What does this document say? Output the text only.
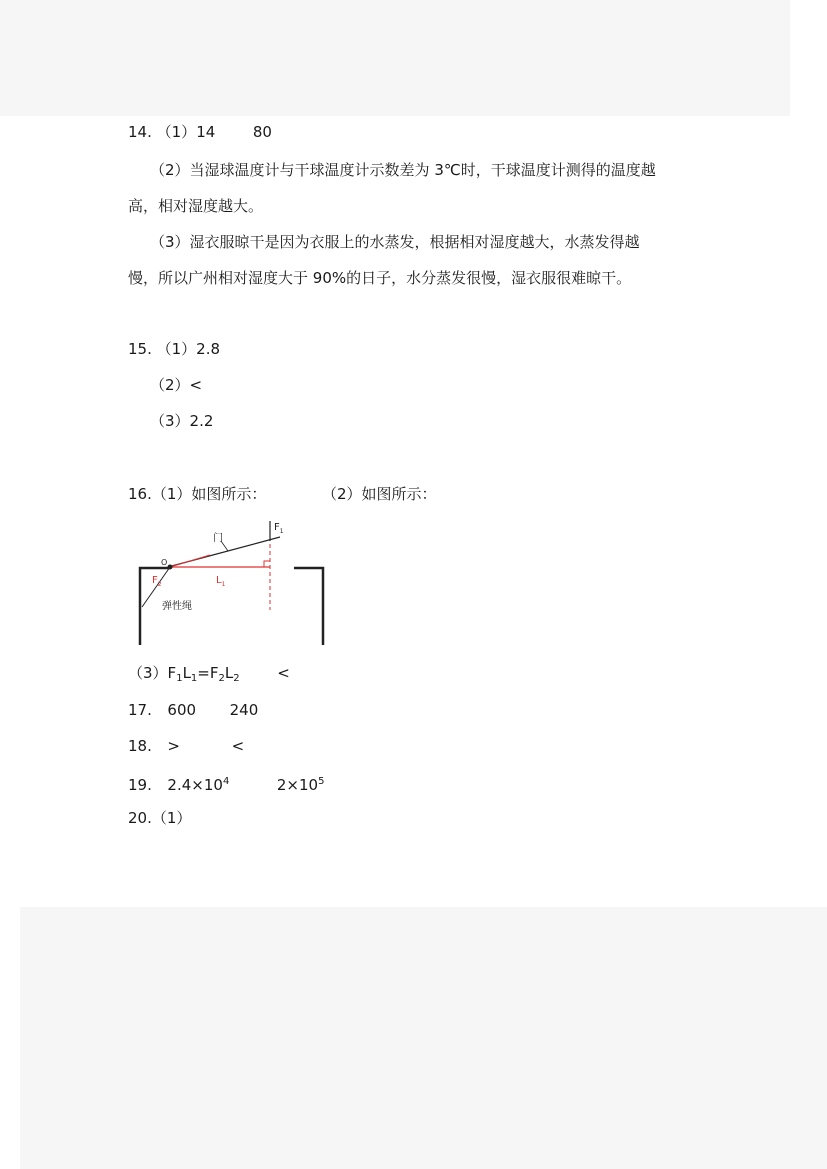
14. （1）14	80
（2）当湿球温度计与干球温度计示数差为 3℃时，干球温度计测得的温度越
高，相对湿度越大。
（3）湿衣服晾干是因为衣服上的水蒸发，根据相对湿度越大，水蒸发得越
慢，所以广州相对湿度大于 90%的日子，水分蒸发很慢，湿衣服很难晾干。
15. （1）2.8
（2）<
（3）2.2
16.（1）如图所示：	（2）如图所示：
门
O
$F_1$
$F_2$	$L_1$
弹性绳
$(3)F_1L_1=F_2L_2$	<
17. 600 240
18. >	<
19. $2.4\times 10^4$	$2\times 10^5$
20.（1）
